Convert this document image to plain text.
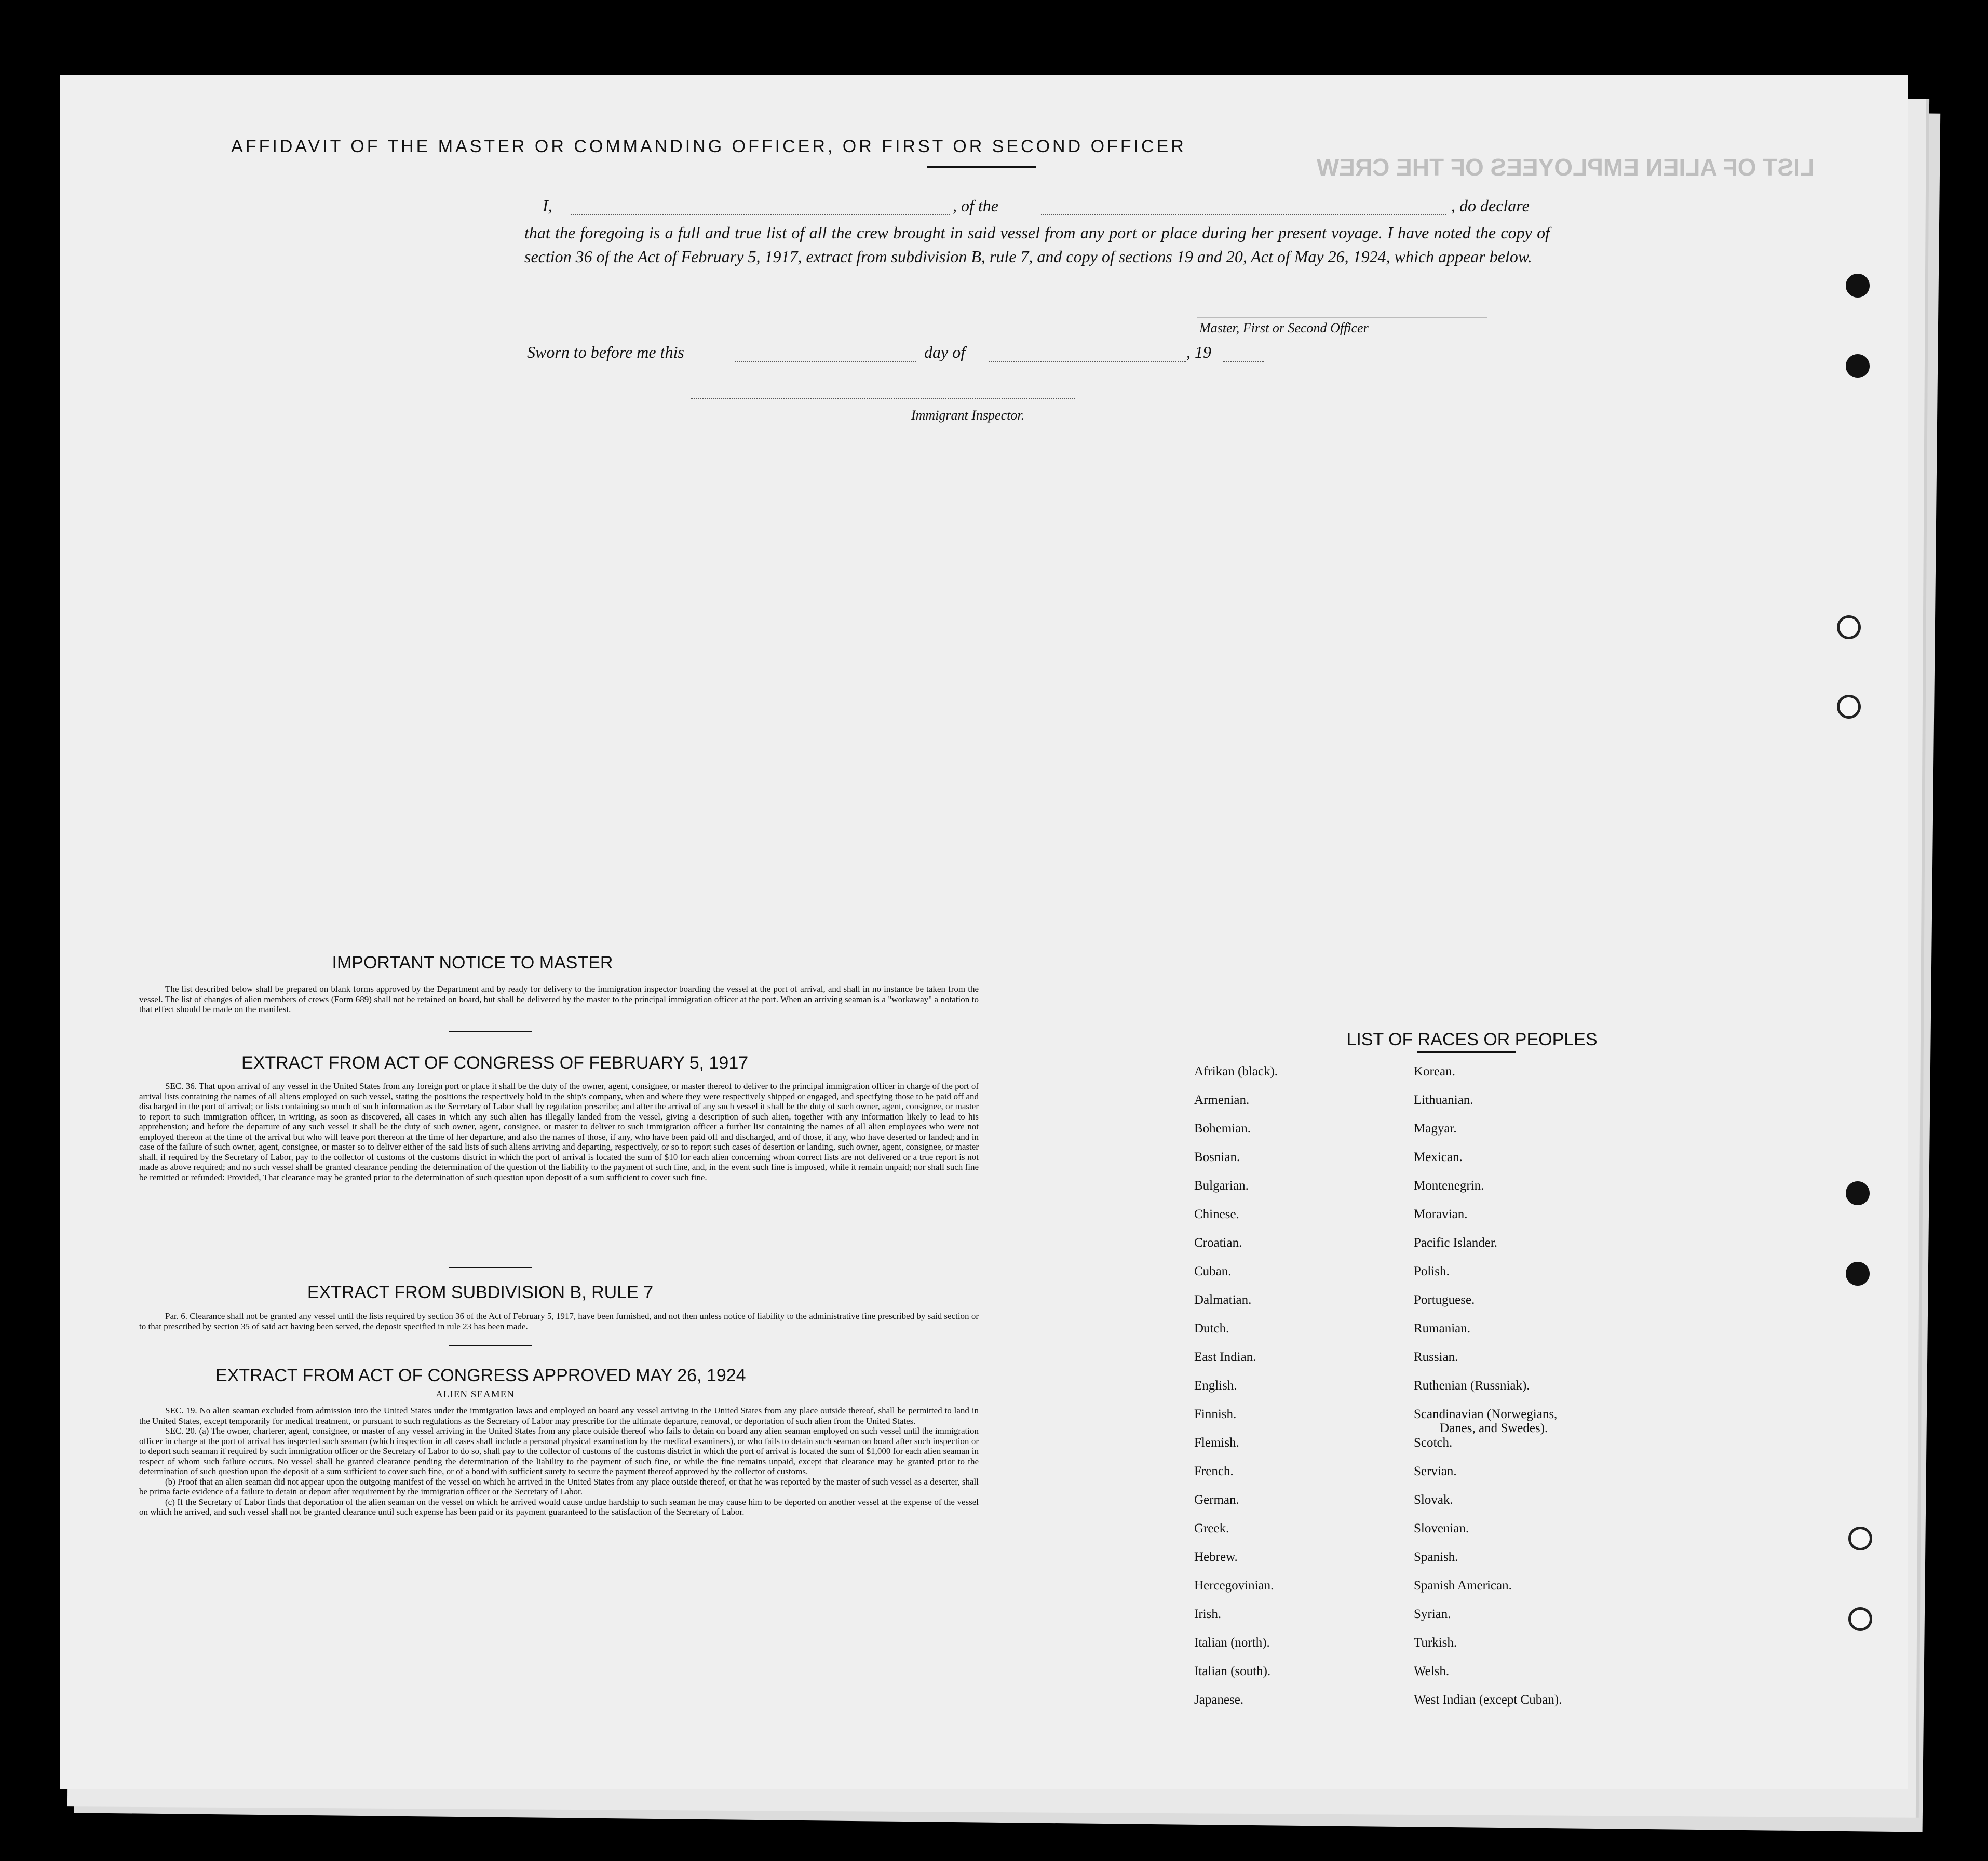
LIST OF ALIEN EMPLOYEES OF THE CREW
AFFIDAVIT OF THE MASTER OR COMMANDING OFFICER, OR FIRST OR SECOND OFFICER
I,	, of the	, do declare

that the foregoing is a full and true list of all the crew brought in said vessel from any port or place during her present voyage. I have noted the copy of section 36 of the Act of February 5, 1917, extract from subdivision B, rule 7, and copy of sections 19 and 20, Act of May 26, 1924, which appear below.

Master, First or Second Officer
Sworn to before me this	day of	, 19
Immigrant Inspector.
IMPORTANT NOTICE TO MASTER

The list described below shall be prepared on blank forms approved by the Department and by ready for delivery to the immigration inspector boarding the vessel at the port of arrival, and shall in no instance be taken from the vessel. The list of changes of alien members of crews (Form 689) shall not be retained on board, but shall be delivered by the master to the principal immigration officer at the port. When an arriving seaman is a "workaway" a notation to that effect should be made on the manifest.

EXTRACT FROM ACT OF CONGRESS OF FEBRUARY 5, 1917

SEC. 36. That upon arrival of any vessel in the United States from any foreign port or place it shall be the duty of the owner, agent, consignee, or master thereof to deliver to the principal immigration officer in charge of the port of arrival lists containing the names of all aliens employed on such vessel, stating the positions the respectively hold in the ship's company, when and where they were respectively shipped or engaged, and specifying those to be paid off and discharged in the port of arrival; or lists containing so much of such information as the Secretary of Labor shall by regulation prescribe; and after the arrival of any such vessel it shall be the duty of such owner, agent, consignee, or master to report to such immigration officer, in writing, as soon as discovered, all cases in which any such alien has illegally landed from the vessel, giving a description of such alien, together with any information likely to lead to his apprehension; and before the departure of any such vessel it shall be the duty of such owner, agent, consignee, or master to deliver to such immigration officer a further list containing the names of all alien employees who were not employed thereon at the time of the arrival but who will leave port thereon at the time of her departure, and also the names of those, if any, who have been paid off and discharged, and of those, if any, who have deserted or landed; and in case of the failure of such owner, agent, consignee, or master so to deliver either of the said lists of such aliens arriving and departing, respectively, or so to report such cases of desertion or landing, such owner, agent, consignee, or master shall, if required by the Secretary of Labor, pay to the collector of customs of the customs district in which the port of arrival is located the sum of $10 for each alien concerning whom correct lists are not delivered or a true report is not made as above required; and no such vessel shall be granted clearance pending the determination of the question of the liability to the payment of such fine, and, in the event such fine is imposed, while it remain unpaid; nor shall such fine be remitted or refunded: Provided, That clearance may be granted prior to the determination of such question upon deposit of a sum sufficient to cover such fine.

EXTRACT FROM SUBDIVISION B, RULE 7

Par. 6. Clearance shall not be granted any vessel until the lists required by section 36 of the Act of February 5, 1917, have been furnished, and not then unless notice of liability to the administrative fine prescribed by said section or to that prescribed by section 35 of said act having been served, the deposit specified in rule 23 has been made.

EXTRACT FROM ACT OF CONGRESS APPROVED MAY 26, 1924
ALIEN SEAMEN

SEC. 19. No alien seaman excluded from admission into the United States under the immigration laws and employed on board any vessel arriving in the United States from any place outside thereof, shall be permitted to land in the United States, except temporarily for medical treatment, or pursuant to such regulations as the Secretary of Labor may prescribe for the ultimate departure, removal, or deportation of such alien from the United States.

SEC. 20. (a) The owner, charterer, agent, consignee, or master of any vessel arriving in the United States from any place outside thereof who fails to detain on board any alien seaman employed on such vessel until the immigration officer in charge at the port of arrival has inspected such seaman (which inspection in all cases shall include a personal physical examination by the medical examiners), or who fails to detain such seaman on board after such inspection or to deport such seaman if required by such immigration officer or the Secretary of Labor to do so, shall pay to the collector of customs of the customs district in which the port of arrival is located the sum of $1,000 for each alien seaman in respect of whom such failure occurs. No vessel shall be granted clearance pending the determination of the liability to the payment of such fine, or while the fine remains unpaid, except that clearance may be granted prior to the determination of such question upon the deposit of a sum sufficient to cover such fine, or of a bond with sufficient surety to secure the payment thereof approved by the collector of customs.

(b) Proof that an alien seaman did not appear upon the outgoing manifest of the vessel on which he arrived in the United States from any place outside thereof, or that he was reported by the master of such vessel as a deserter, shall be prima facie evidence of a failure to detain or deport after requirement by the immigration officer or the Secretary of Labor.

(c) If the Secretary of Labor finds that deportation of the alien seaman on the vessel on which he arrived would cause undue hardship to such seaman he may cause him to be deported on another vessel at the expense of the vessel on which he arrived, and such vessel shall not be granted clearance until such expense has been paid or its payment guaranteed to the satisfaction of the Secretary of Labor.

LIST OF RACES OR PEOPLES
Afrikan (black).
Armenian.
Bohemian.
Bosnian.
Bulgarian.
Chinese.
Croatian.
Cuban.
Dalmatian.
Dutch.
East Indian.
English.
Finnish.
Flemish.
French.
German.
Greek.
Hebrew.
Hercegovinian.
Irish.
Italian (north).
Italian (south).
Japanese.
Korean.
Lithuanian.
Magyar.
Mexican.
Montenegrin.
Moravian.
Pacific Islander.
Polish.
Portuguese.
Rumanian.
Russian.
Ruthenian (Russniak).
Scandinavian (Norwegians,
Danes, and Swedes).
Scotch.
Servian.
Slovak.
Slovenian.
Spanish.
Spanish American.
Syrian.
Turkish.
Welsh.
West Indian (except Cuban).
